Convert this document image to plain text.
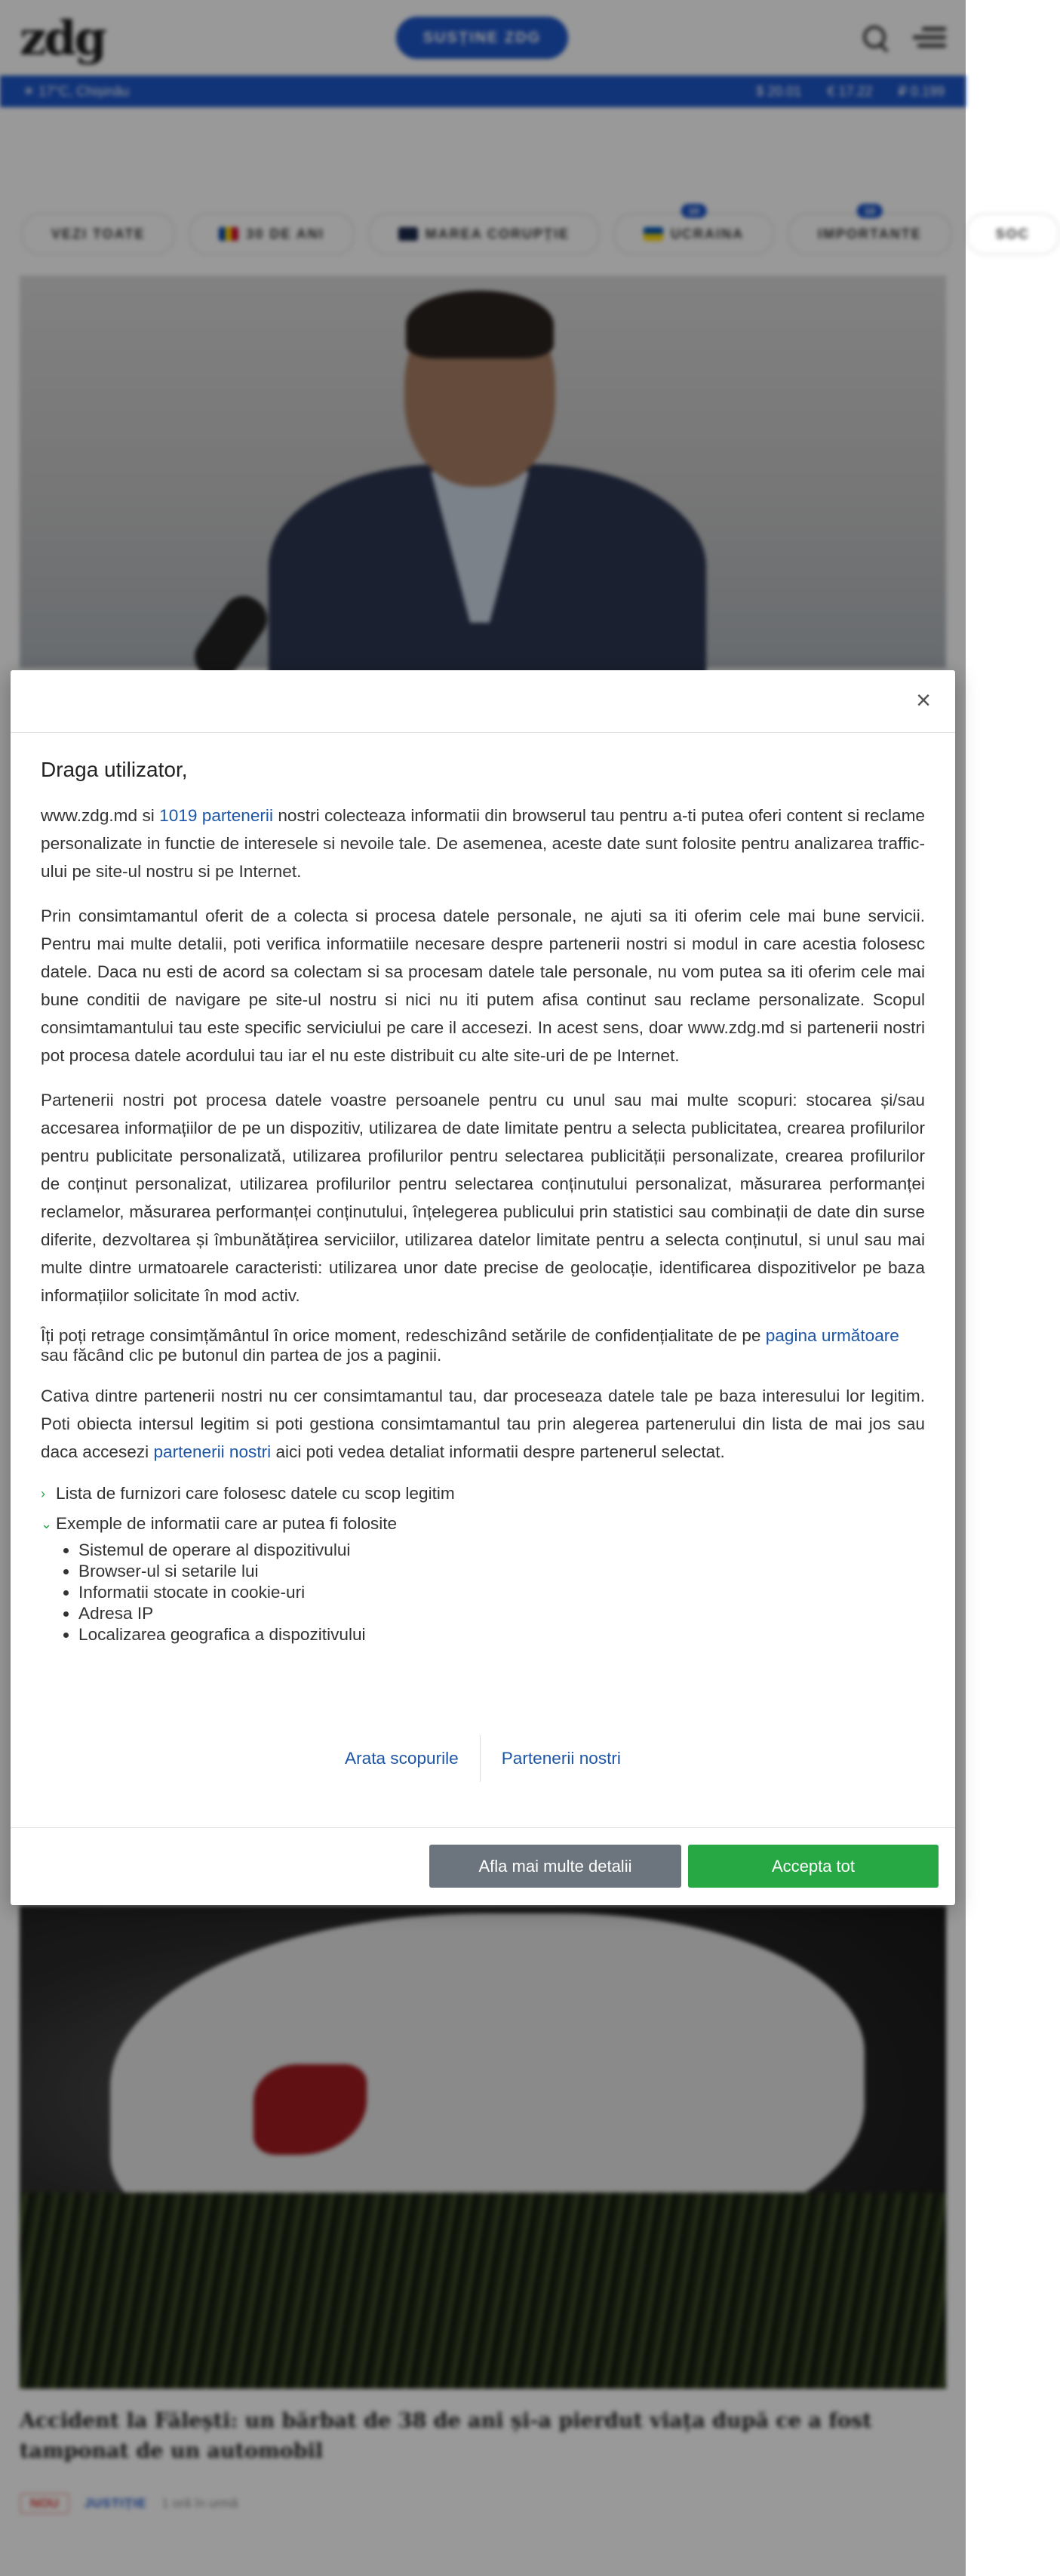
zdg	SUSȚINE ZDG
☀ 17°C, Chișinău	$ 20.01 € 17.22 ₽ 0.199
VEZI TOATE	30 DE ANI	MAREA CORUPȚIE
10
UCRAINA
10
IMPORTANTE	SOC
Accident la Fălești: un bărbat de 38 de ani și-a pierdut viața după ce a fost tamponat de un automobil
NOU	JUSTIȚIE 1 oră în urmă
×
Draga utilizator,

www.zdg.md si 1019 partenerii nostri colecteaza informatii din browserul tau pentru a-ti putea oferi content si reclame personalizate in functie de interesele si nevoile tale. De asemenea, aceste date sunt folosite pentru analizarea traffic-ului pe site-ul nostru si pe Internet.

Prin consimtamantul oferit de a colecta si procesa datele personale, ne ajuti sa iti oferim cele mai bune servicii. Pentru mai multe detalii, poti verifica informatiile necesare despre partenerii nostri si modul in care acestia folosesc datele. Daca nu esti de acord sa colectam si sa procesam datele tale personale, nu vom putea sa iti oferim cele mai bune conditii de navigare pe site-ul nostru si nici nu iti putem afisa continut sau reclame personalizate. Scopul consimtamantului tau este specific serviciului pe care il accesezi. In acest sens, doar www.zdg.md si partenerii nostri pot procesa datele acordului tau iar el nu este distribuit cu alte site-uri de pe Internet.

Partenerii nostri pot procesa datele voastre persoanele pentru cu unul sau mai multe scopuri: stocarea și/sau accesarea informațiilor de pe un dispozitiv, utilizarea de date limitate pentru a selecta publicitatea, crearea profilurilor pentru publicitate personalizată, utilizarea profilurilor pentru selectarea publicității personalizate, crearea profilurilor de conținut personalizat, utilizarea profilurilor pentru selectarea conținutului personalizat, măsurarea performanței reclamelor, măsurarea performanței conținutului, înțelegerea publicului prin statistici sau combinații de date din surse diferite, dezvoltarea și îmbunătățirea serviciilor, utilizarea datelor limitate pentru a selecta conținutul, si unul sau mai multe dintre urmatoarele caracteristi: utilizarea unor date precise de geolocație, identificarea dispozitivelor pe baza informațiilor solicitate în mod activ.

Îți poți retrage consimțământul în orice moment, redeschizând setările de confidențialitate de pe pagina următoare sau făcând clic pe butonul din partea de jos a paginii.

Cativa dintre partenerii nostri nu cer consimtamantul tau, dar proceseaza datele tale pe baza interesului lor legitim. Poti obiecta intersul legitim si poti gestiona consimtamantul tau prin alegerea partenerului din lista de mai jos sau daca accesezi partenerii nostri aici poti vedea detaliat informatii despre partenerul selectat.

› Lista de furnizori care folosesc datele cu scop legitim
⌄ Exemple de informatii care ar putea fi folosite
• Sistemul de operare al dispozitivului
• Browser-ul si setarile lui
• Informatii stocate in cookie-uri
• Adresa IP
• Localizarea geografica a dispozitivului
Arata scopurile	Partenerii nostri
Afla mai multe detalii	Accepta tot
